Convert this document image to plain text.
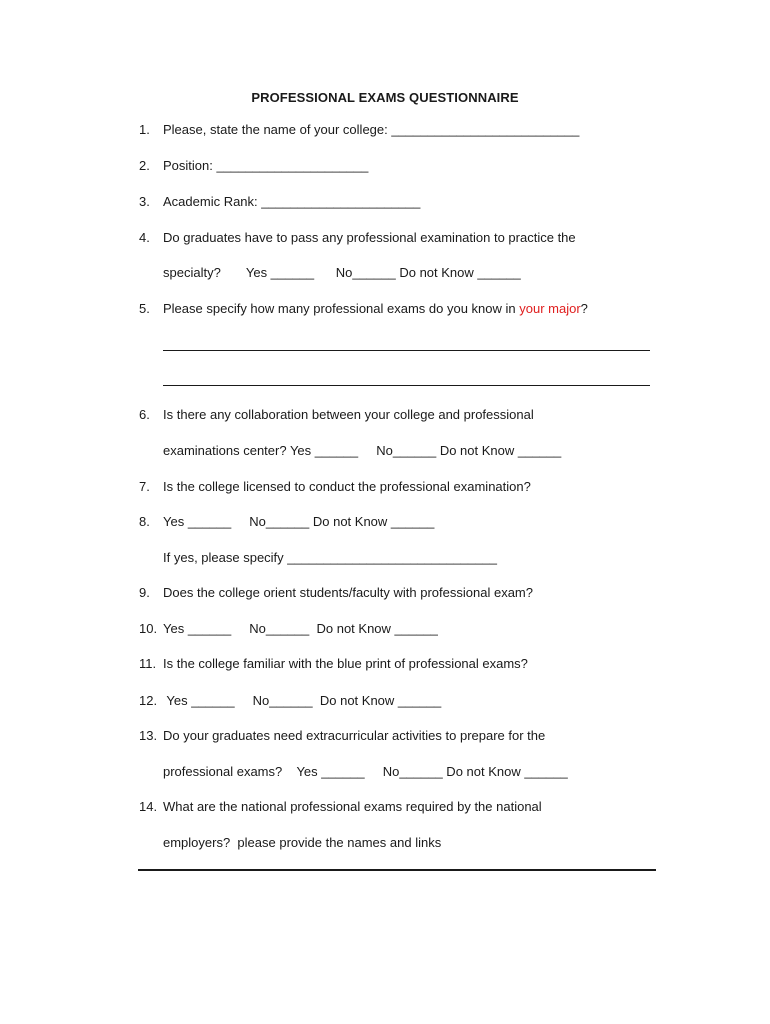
PROFESSIONAL EXAMS QUESTIONNAIRE
1. Please, state the name of your college: __________________________
2. Position: _____________________
3. Academic Rank: ______________________
4. Do graduates have to pass any professional examination to practice the
specialty?       Yes ______      No______ Do not Know ______
5. Please specify how many professional exams do you know in your major?
6. Is there any collaboration between your college and professional
examinations center? Yes ______     No______ Do not Know ______
7. Is the college licensed to conduct the professional examination?
8. Yes ______     No______ Do not Know ______
If yes, please specify _____________________________
9. Does the college orient students/faculty with professional exam?
10. Yes ______     No______  Do not Know ______
11. Is the college familiar with the blue print of professional exams?
12. Yes ______     No______  Do not Know ______
13. Do your graduates need extracurricular activities to prepare for the
professional exams?    Yes ______     No______ Do not Know ______
14. What are the national professional exams required by the national
employers?  please provide the names and links
